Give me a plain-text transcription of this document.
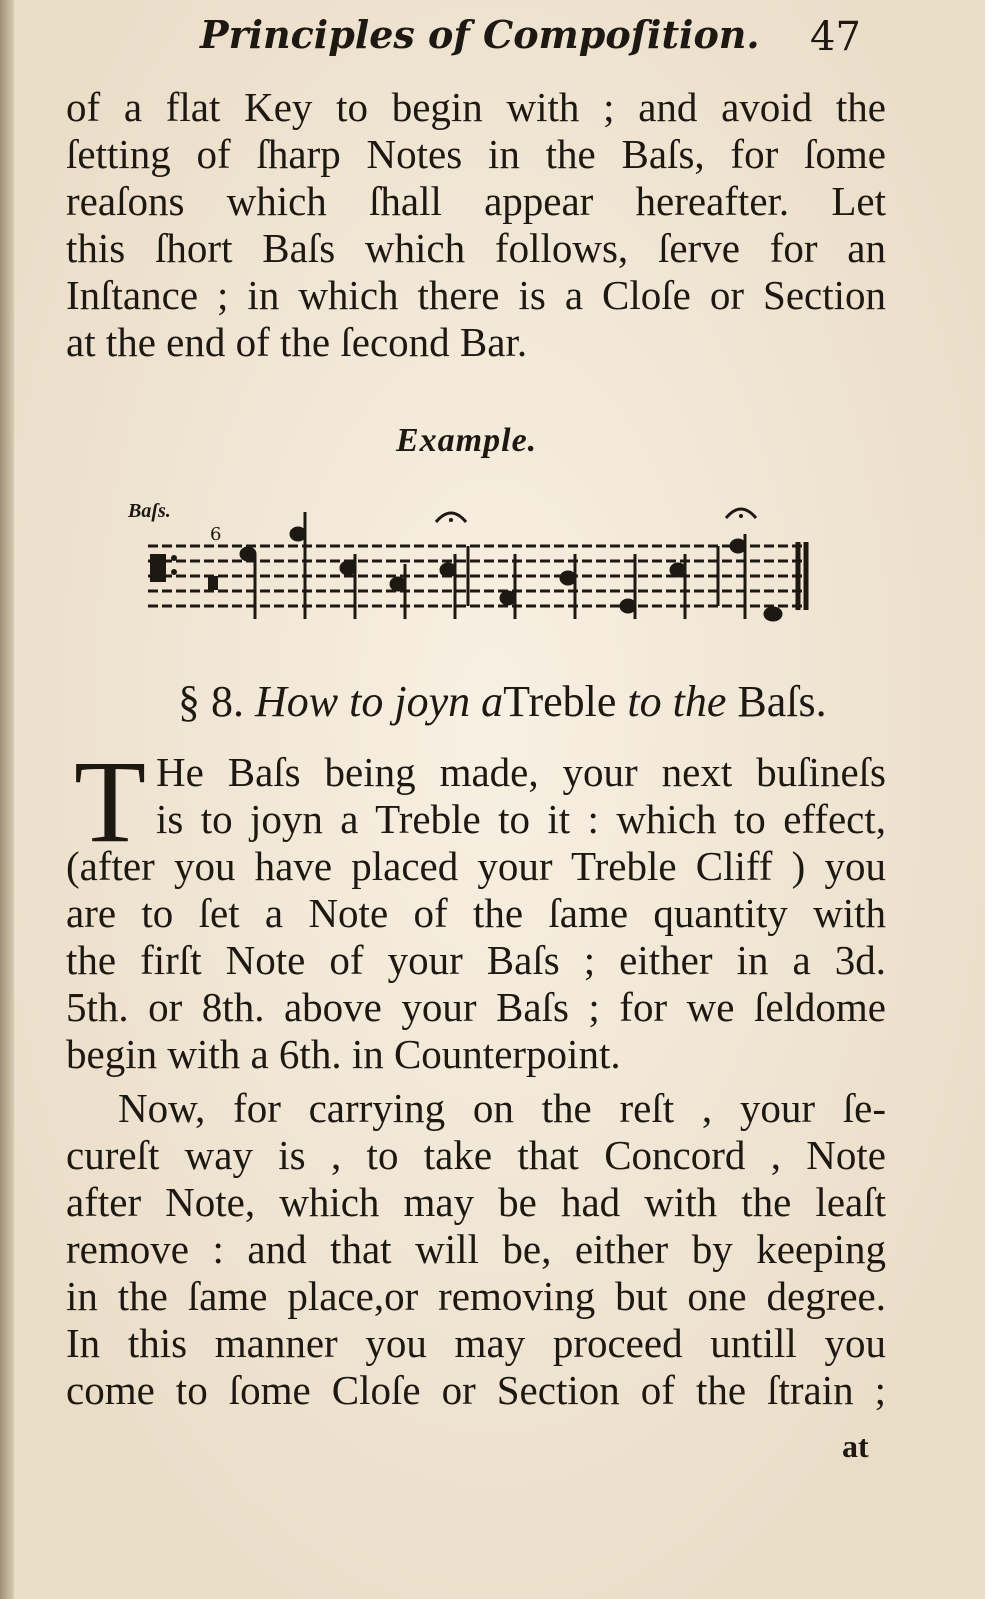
Principles of Compoſition. 47
of a flat Key to begin with ; and avoid the
ſetting of ſharp Notes in the Baſs, for ſome
reaſons which ſhall appear hereafter. Let
this ſhort Baſs which follows, ſerve for an
Inſtance ; in which there is a Cloſe or Section
at the end of the ſecond Bar.
Example.
Baſs.
6
§ 8. How to joyn aTreble to the Baſs.
T He Baſs being made, your next buſineſs
is to joyn a Treble to it : which to effect,
(after you have placed your Treble Cliff ) you
are to ſet a Note of the ſame quantity with
the firſt Note of your Baſs ; either in a 3d.
5th. or 8th. above your Baſs ; for we ſeldome
begin with a 6th. in Counterpoint.
Now, for carrying on the reſt , your ſe-
cureſt way is , to take that Concord , Note
after Note, which may be had with the leaſt
remove : and that will be, either by keeping
in the ſame place,or removing but one degree.
In this manner you may proceed untill you
come to ſome Cloſe or Section of the ſtrain ;
at
